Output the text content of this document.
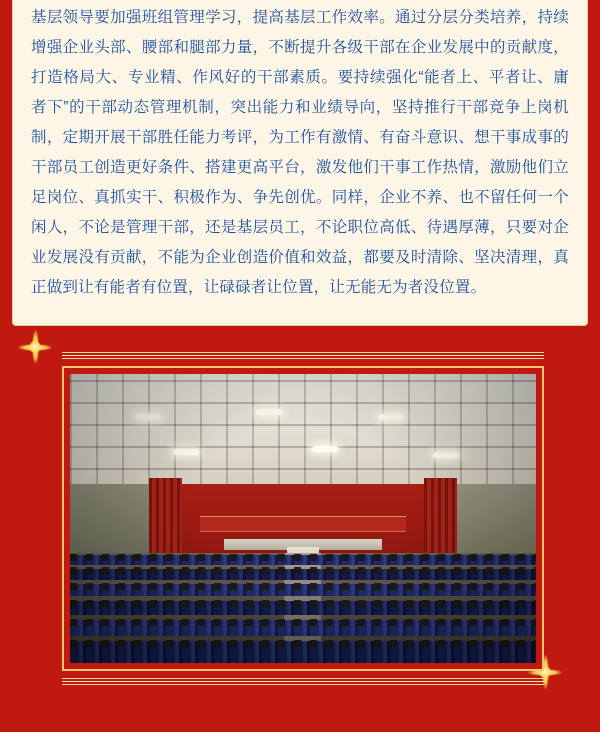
基层领导要加强班组管理学习，提高基层工作效率。通过分层分类培养，持续增强企业头部、腰部和腿部力量，不断提升各级干部在企业发展中的贡献度，打造格局大、专业精、作风好的干部素质。要持续强化“能者上、平者让、庸者下”的干部动态管理机制，突出能力和业绩导向，坚持推行干部竞争上岗机制，定期开展干部胜任能力考评，为工作有激情、有奋斗意识、想干事成事的干部员工创造更好条件、搭建更高平台，激发他们干事工作热情，激励他们立足岗位、真抓实干、积极作为、争先创优。同样，企业不养、也不留任何一个闲人，不论是管理干部，还是基层员工，不论职位高低、待遇厚薄，只要对企业发展没有贡献，不能为企业创造价值和效益，都要及时清除、坚决清理，真正做到让有能者有位置，让碌碌者让位置，让无能无为者没位置。
